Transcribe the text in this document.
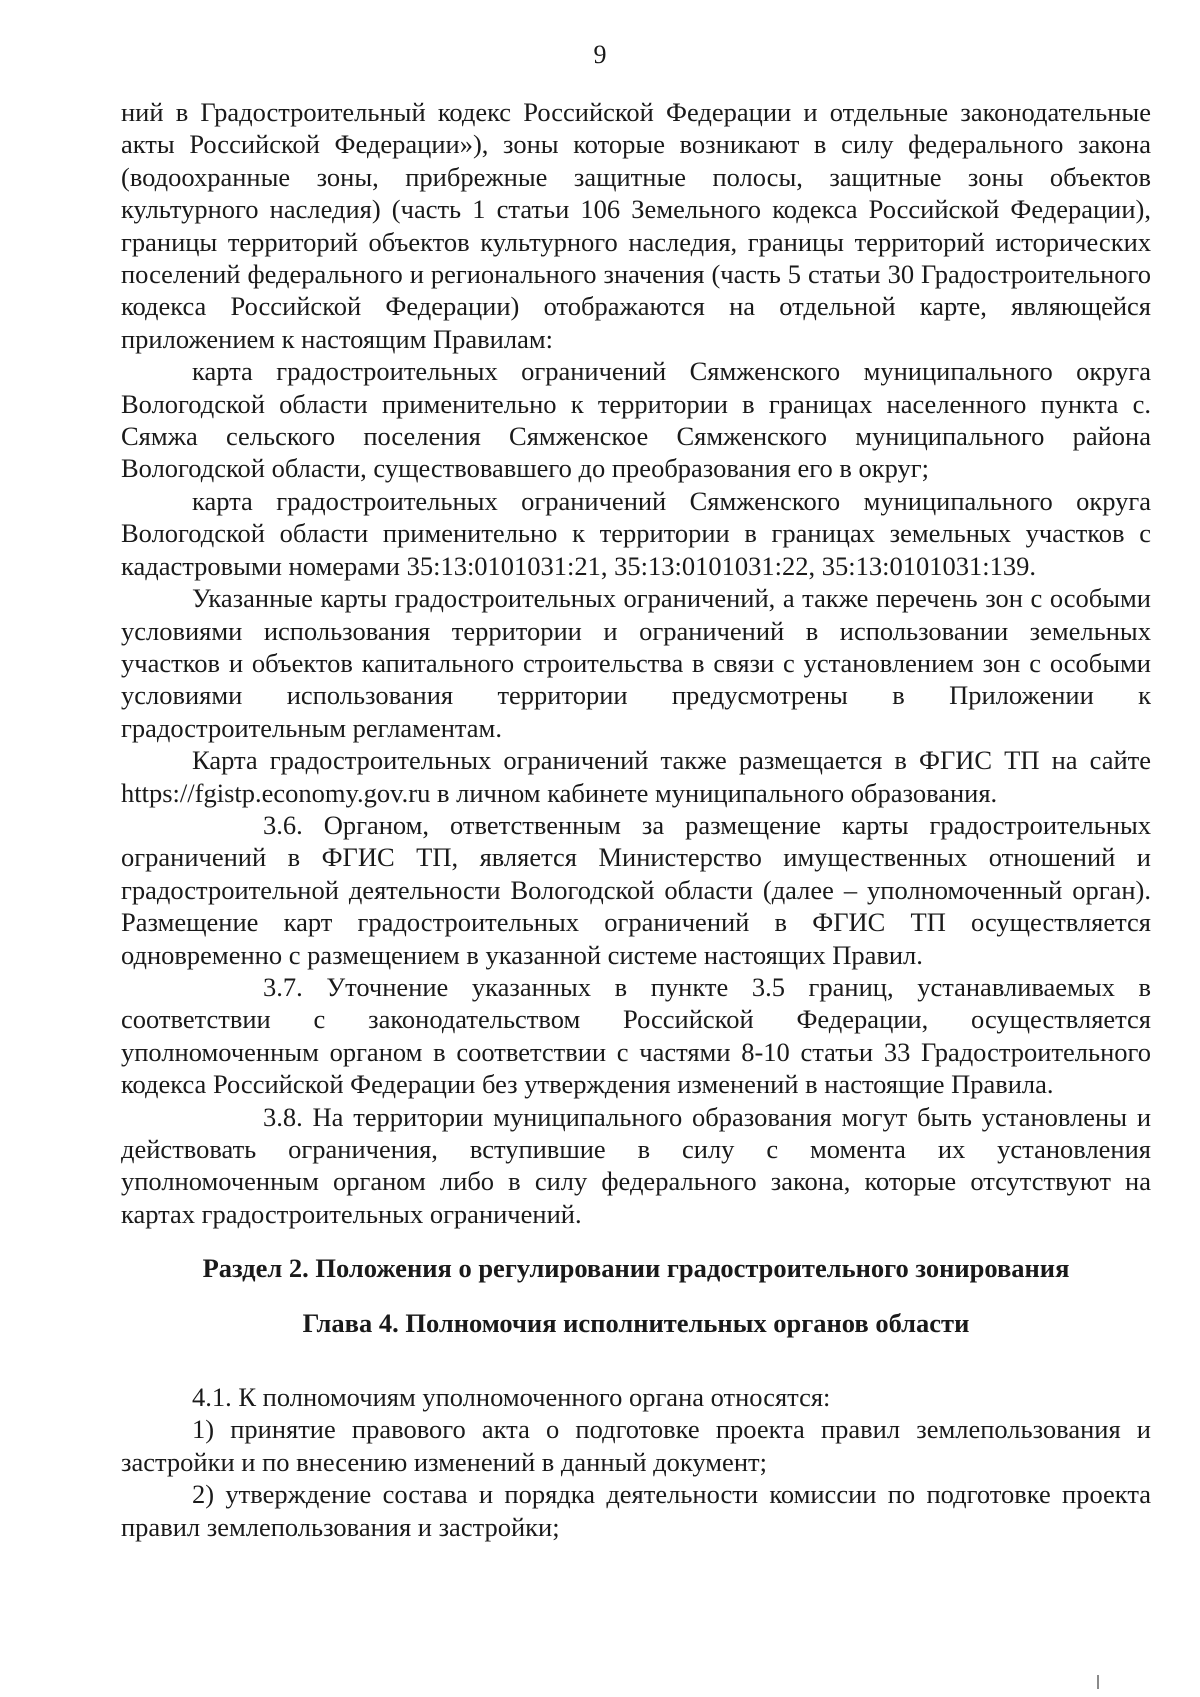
9

ний в Градостроительный кодекс Российской Федерации и отдельные законодательные акты Российской Федерации»), зоны которые возникают в силу федерального закона (водоохранные зоны, прибрежные защитные полосы, защитные зоны объектов культурного наследия) (часть 1 статьи 106 Земельного кодекса Российской Федерации), границы территорий объектов культурного наследия, границы территорий исторических поселений федерального и регионального значения (часть 5 статьи 30 Градостроительного кодекса Российской Федерации) отображаются на отдельной карте, являющейся приложением к настоящим Правилам:

карта градостроительных ограничений Сямженского муниципального округа Вологодской области применительно к территории в границах населенного пункта с. Сямжа сельского поселения Сямженское Сямженского муниципального района Вологодской области, существовавшего до преобразования его в округ;

карта градостроительных ограничений Сямженского муниципального округа Вологодской области применительно к территории в границах земельных участков с кадастровыми номерами 35:13:0101031:21, 35:13:0101031:22, 35:13:0101031:139.

Указанные карты градостроительных ограничений, а также перечень зон с особыми условиями использования территории и ограничений в использовании земельных участков и объектов капитального строительства в связи с установлением зон с особыми условиями использования территории предусмотрены в Приложении к градостроительным регламентам.

Карта градостроительных ограничений также размещается в ФГИС ТП на сайте https://fgistp.economy.gov.ru в личном кабинете муниципального образования.

3.6. Органом, ответственным за размещение карты градостроительных ограничений в ФГИС ТП, является Министерство имущественных отношений и градостроительной деятельности Вологодской области (далее – уполномоченный орган). Размещение карт градостроительных ограничений в ФГИС ТП осуществляется одновременно с размещением в указанной системе настоящих Правил.

3.7. Уточнение указанных в пункте 3.5 границ, устанавливаемых в соответствии с законодательством Российской Федерации, осуществляется уполномоченным органом в соответствии с частями 8-10 статьи 33 Градостроительного кодекса Российской Федерации без утверждения изменений в настоящие Правила.

3.8. На территории муниципального образования могут быть установлены и действовать ограничения, вступившие в силу с момента их установления уполномоченным органом либо в силу федерального закона, которые отсутствуют на картах градостроительных ограничений.

Раздел 2. Положения о регулировании градостроительного зонирования

Глава 4. Полномочия исполнительных органов области

4.1. К полномочиям уполномоченного органа относятся:

1) принятие правового акта о подготовке проекта правил землепользования и застройки и по внесению изменений в данный документ;

2) утверждение состава и порядка деятельности комиссии по подготовке проекта правил землепользования и застройки;
